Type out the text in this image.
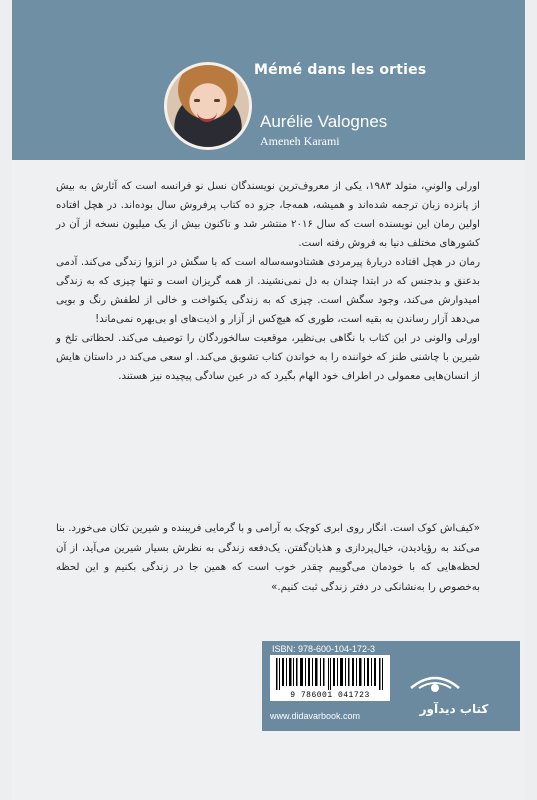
Mémé dans les orties
Aurélie Valognes
Ameneh Karami

اورلی والونیِ، متولد ۱۹۸۳، یکی از معروف‌ترین نویسندگان نسل نو فرانسه است که آثارش به بیش از پانزده زبان ترجمه شده‌اند و همیشه، همه‌جا، جزو ده کتاب پرفروش سال بوده‌اند. در هچل افتاده اولین رمان این نویسنده است که سال ۲۰۱۶ منتشر شد و تاکنون بیش از یک میلیون نسخه از آن در کشورهای مختلف دنیا به فروش رفته است.

رمان در هچل افتاده دربارهٔ پیرمردی هشتادوسه‌ساله است که با سگش در انزوا زندگی می‌کند. آدمی بدعنق و بدجنس که در ابتدا چندان به دل نمی‌نشیند. از همه گریزان است و تنها چیزی که به زندگی امیدوارش می‌کند، وجود سگش است. چیزی که به زندگی یکنواخت و خالی از لطفش رنگ و بویی می‌دهد آزار رساندن به بقیه است، طوری که هیچ‌کس از آزار و اذیت‌های او بی‌بهره نمی‌ماند!

اورلی والونی در این کتاب با نگاهی بی‌نظیر، موقعیت سالخوردگان را توصیف می‌کند. لحظاتی تلخ و شیرین با چاشنی طنز که خواننده را به خواندن کتاب تشویق می‌کند. او سعی می‌کند در داستان هایش از انسان‌هایی معمولی در اطراف خود الهام بگیرد که در عین سادگی پیچیده نیز هستند.

«کیف‌اش کوک است. انگار روی ابری کوچک به آرامی و با گرمایی فریبنده و شیرین تکان می‌خورد. بنا می‌کند به رؤیادیدن، خیال‌پردازی و هذیان‌گفتن. یک‌دفعه زندگی به نظرش بسیار شیرین می‌آید، از آن لحظه‌هایی که با خودمان می‌گوییم چقدر خوب است که همین جا در زندگی بکنیم و این لحظه به‌خصوص را به‌نشانکی در دفتر زندگی ثبت کنیم.»
ISBN: 978-600-104-172-3
9 786001 041723
کتاب دیدآور
www.didavarbook.com
